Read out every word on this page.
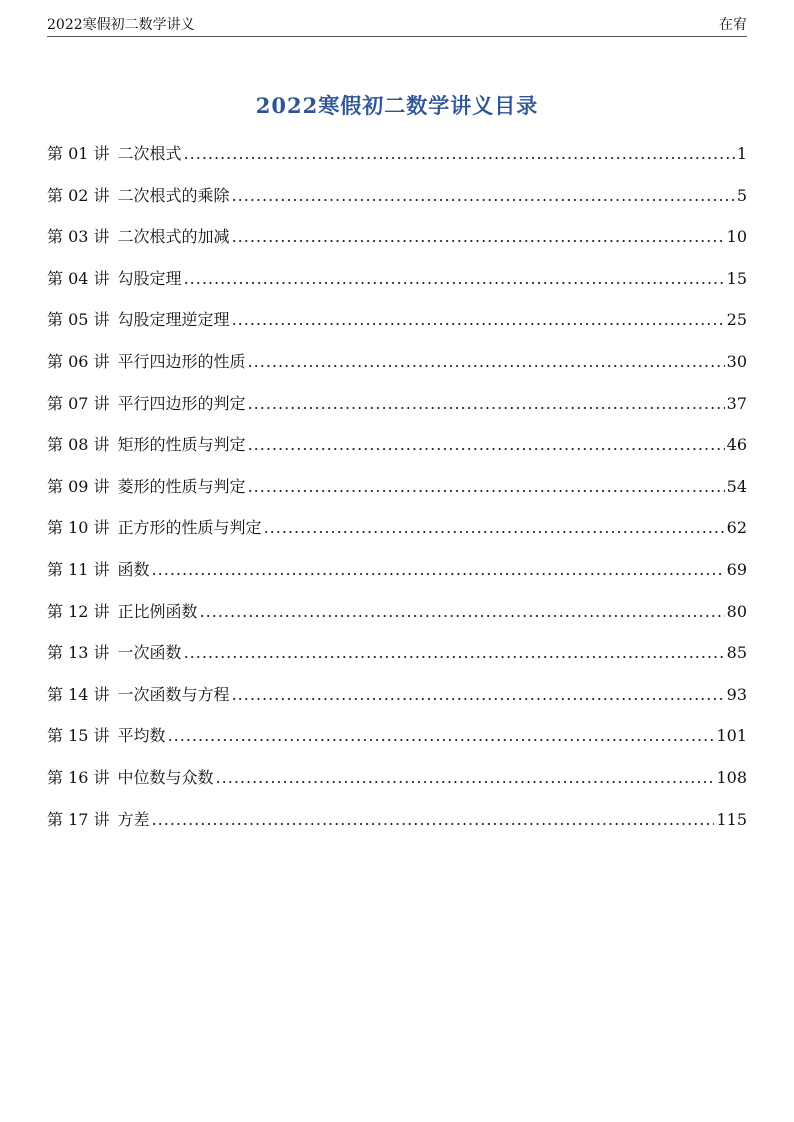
2022寒假初二数学讲义	在宥
2022寒假初二数学讲义目录
第 01 讲 二次根式 .....	1
第 02 讲 二次根式的乘除 .....	5
第 03 讲 二次根式的加减 .....	10
第 04 讲 勾股定理 .....	15
第 05 讲 勾股定理逆定理 .....	25
第 06 讲 平行四边形的性质 .....	30
第 07 讲 平行四边形的判定 .....	37
第 08 讲 矩形的性质与判定 .....	46
第 09 讲 菱形的性质与判定 .....	54
第 10 讲 正方形的性质与判定 .....	62
第 11 讲 函数 .....	69
第 12 讲 正比例函数 .....	80
第 13 讲 一次函数 .....	85
第 14 讲 一次函数与方程 .....	93
第 15 讲 平均数 .....	101
第 16 讲 中位数与众数 .....	108
第 17 讲 方差 .....	115
